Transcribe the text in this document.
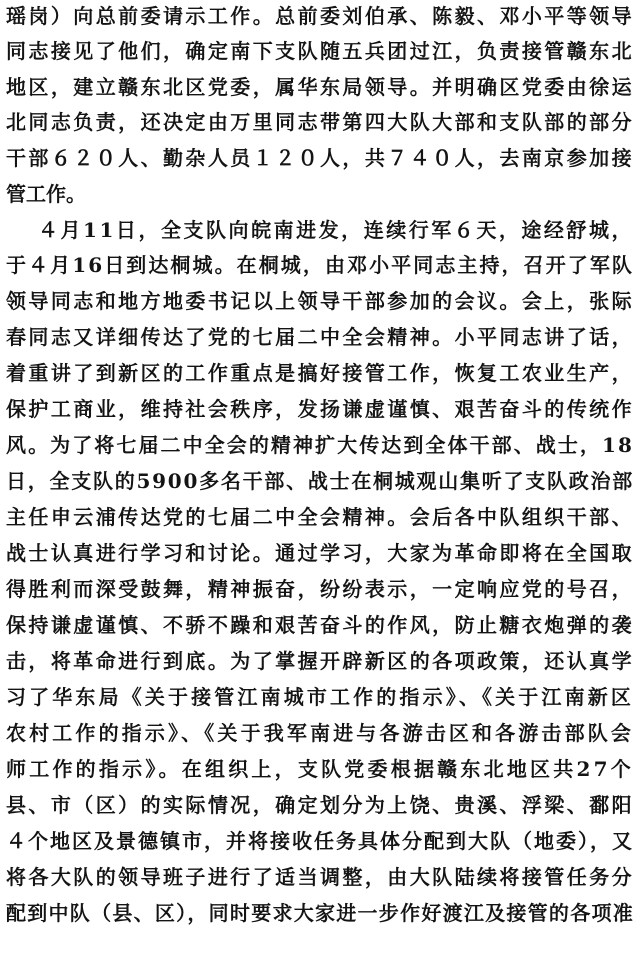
瑶岗）向总前委请示工作。总前委刘伯承、陈毅、邓小平等领导
同志接见了他们，确定南下支队随五兵团过江，负责接管赣东北
地区，建立赣东北区党委，属华东局领导。并明确区党委由徐运
北同志负责，还决定由万里同志带第四大队大部和支队部的部分
干部６２０人、勤杂人员１２０人，共７４０人，去南京参加接
管工作。
４月11日，全支队向皖南进发，连续行军６天，途经舒城，
于４月16日到达桐城。在桐城，由邓小平同志主持，召开了军队
领导同志和地方地委书记以上领导干部参加的会议。会上，张际
春同志又详细传达了党的七届二中全会精神。小平同志讲了话，
着重讲了到新区的工作重点是搞好接管工作，恢复工农业生产，
保护工商业，维持社会秩序，发扬谦虚谨慎、艰苦奋斗的传统作
风。为了将七届二中全会的精神扩大传达到全体干部、战士，18
日，全支队的5900多名干部、战士在桐城观山集听了支队政治部
主任申云浦传达党的七届二中全会精神。会后各中队组织干部、
战士认真进行学习和讨论。通过学习，大家为革命即将在全国取
得胜利而深受鼓舞，精神振奋，纷纷表示，一定响应党的号召，
保持谦虚谨慎、不骄不躁和艰苦奋斗的作风，防止糖衣炮弹的袭
击，将革命进行到底。为了掌握开辟新区的各项政策，还认真学
习了华东局《关于接管江南城市工作的指示》、《关于江南新区
农村工作的指示》、《关于我军南进与各游击区和各游击部队会
师工作的指示》。在组织上，支队党委根据赣东北地区共27个
县、市（区）的实际情况，确定划分为上饶、贵溪、浮梁、鄱阳
４个地区及景德镇市，并将接收任务具体分配到大队（地委），又
将各大队的领导班子进行了适当调整，由大队陆续将接管任务分
配到中队（县、区），同时要求大家进一步作好渡江及接管的各项准
